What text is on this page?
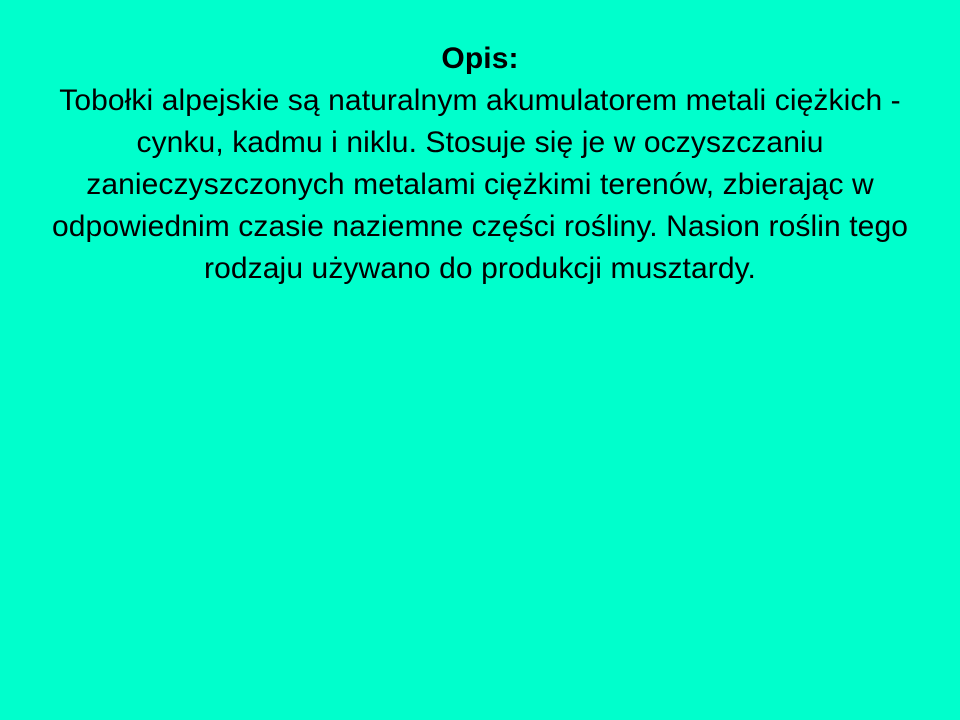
Opis:

Tobołki alpejskie są naturalnym akumulatorem metali ciężkich - cynku, kadmu i niklu. Stosuje się je w oczyszczaniu zanieczyszczonych metalami ciężkimi terenów, zbierając w odpowiednim czasie naziemne części rośliny. Nasion roślin tego rodzaju używano do produkcji musztardy.
